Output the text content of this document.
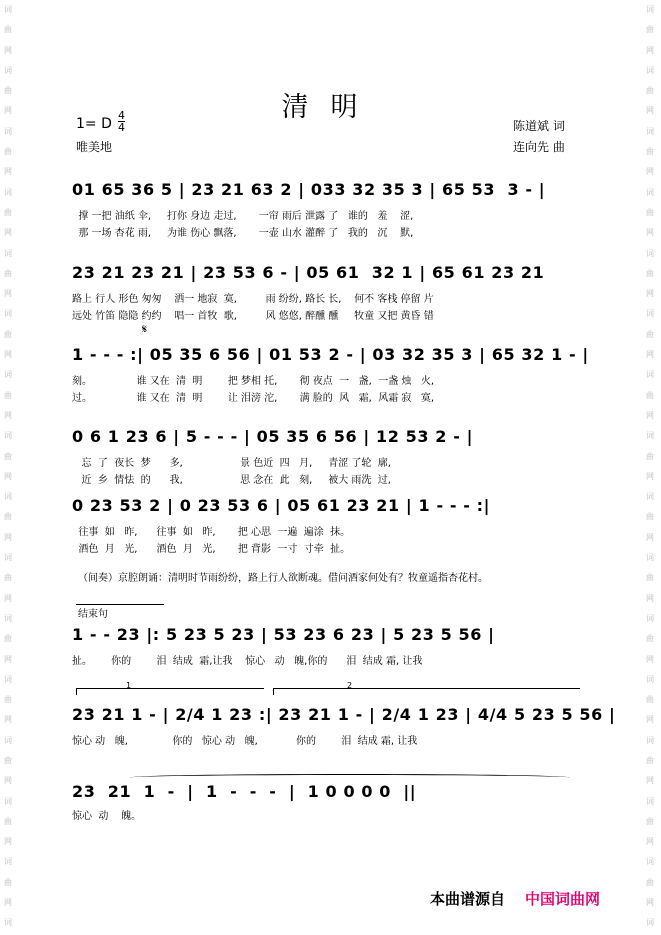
词
曲
网
词
曲
网
词
曲
网
词
曲
网
词
曲
网
词
曲
网
词
曲
网
词
曲
网
词
曲
网
词
曲
网
词
曲
网
词
曲
网
词
曲
网
词
曲
网
词
曲
网
词
词
曲
网
词
曲
网
词
曲
网
词
曲
网
词
曲
网
词
曲
网
词
曲
网
词
曲
网
词
曲
网
词
曲
网
词
曲
网
词
曲
网
词
曲
网
词
曲
网
词
曲
网
词
清明
1= D
4
4
唯美地
陈道斌 词
连向先 曲
01 65 36 5 | 23 21 63 2 | 033 32 35 3 | 65 53  3 - |
撑 一把 油纸 伞,     打你 身边 走过,       一帘 雨后 泄露 了   谁的   羞    涩,
那 一场 杏花 雨,     为谁 伤心 飘落,       一壶 山水 灌醉 了   我的   沉    默,
23 21 23 21 | 23 53 6 - | 05 61  32 1 | 65 61 23 21
路上 行人 形色 匆匆    洒一 地寂  寞,         雨 纷纷, 路长 长,    何不 客栈 停留 片
远处 竹笛 隐隐 约约    唱一 首牧  歌,         风 悠悠, 醉醺 醺     牧童 又把 黄昏 错
𝄋
1 - - - :| 05 35 6 56 | 01 53 2 - | 03 32 35 3 | 65 32 1 - |
刻。              谁 又在  清  明        把 梦相 托,       彻 夜点  一   盏,  一盏 烛   火,
过。              谁 又在  清  明        让 泪滂 沱,       满 脸的  风   霜,  风霜 寂   寞,
0 6 1 23 6 | 5 - - - | 05 35 6 56 | 12 53 2 - |
忘  了  夜长  梦      多,                  景 色近  四   月,     青涩 了轮  廓,
近  乡  情怯  的      我,                  思 念在  此   刻,     被大 雨洗  过,
0 23 53 2 | 0 23 53 6 | 05 61 23 21 | 1 - - - :|
往事  如   昨,      往事  如   昨,       把 心思  一遍  遍涂  抹。
酒色  月   光,      酒色  月   光,       把 背影  一寸  寸牵  扯。
（间奏）京腔朗诵：清明时节雨纷纷，路上行人欲断魂。借问酒家何处有？牧童遥指杏花村。
结束句
1 - - 23 |: 5 23 5 23 | 53 23 6 23 | 5 23 5 56 |
扯。      你的        泪  结成  霜,让我    惊心   动   魄,你的      泪  结成 霜, 让我
1	2
23 21 1 - | 2/4 1 23 :| 23 21 1 - | 2/4 1 23 | 4/4 5 23 5 56 |
惊心 动   魄,              你的   惊心 动   魄,            你的        泪  结成 霜, 让我
23  21  1  -  |  1  -  -  -  |  1 0 0 0 0  ||
惊心  动    魄。
本曲谱源自 中国词曲网
